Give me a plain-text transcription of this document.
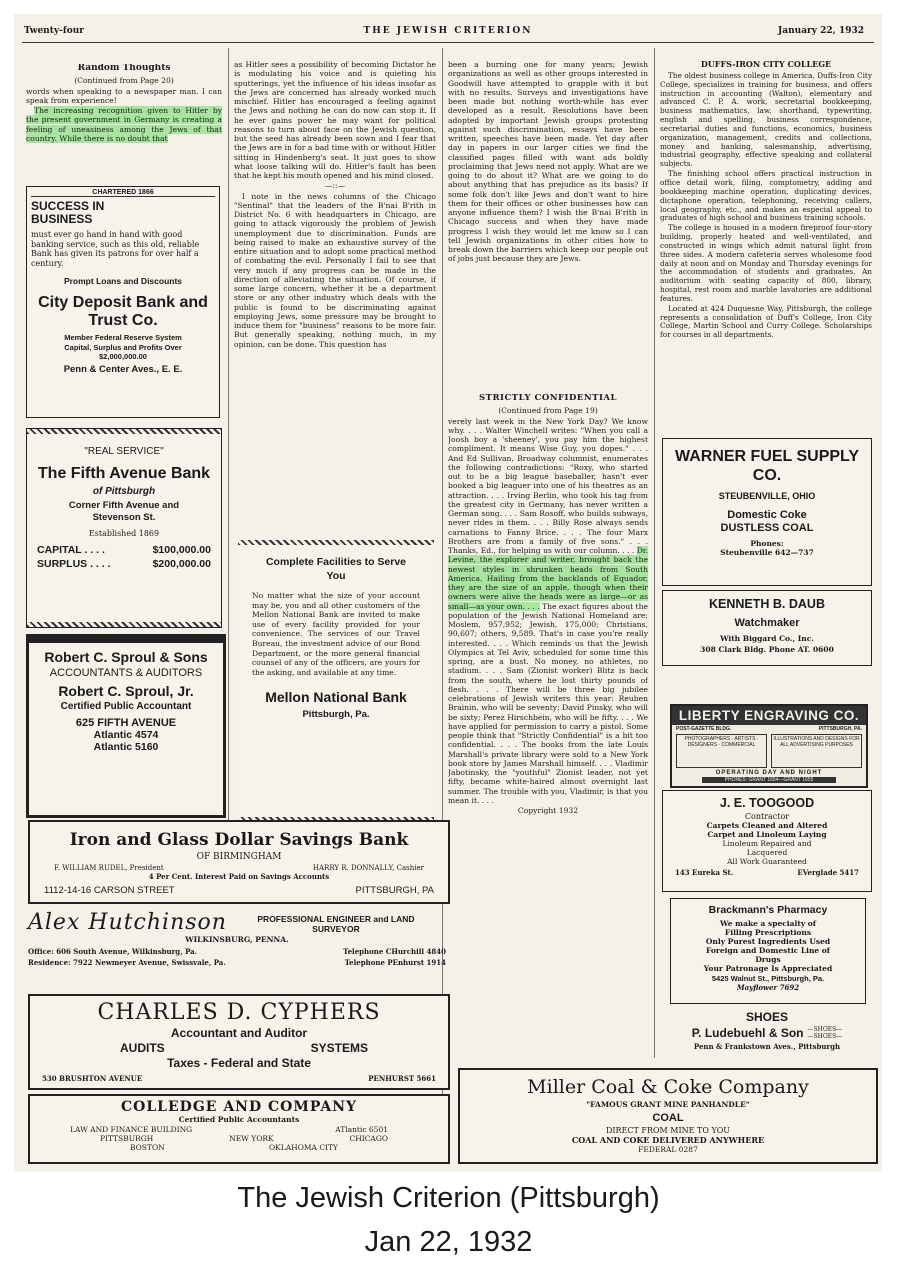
Twenty-four	THE JEWISH CRITERION	January 22, 1932
Random Thoughts

(Continued from Page 20)

words when speaking to a newspaper man. I can speak from experience!

The increasing recognition given to Hitler by the present government in Germany is creating a feeling of uneasiness among the Jews of that country. While there is no doubt that

CHARTERED 1866
SUCCESS IN BUSINESS
must ever go hand in hand with good banking service, such as this old, reliable Bank has given its patrons for over half a century.
Prompt Loans and Discounts
City Deposit Bank and Trust Co.
Member Federal Reserve System
Capital, Surplus and Profits Over $2,000,000.00
Penn & Center Aves., E. E.
"REAL SERVICE"
The Fifth Avenue Bank
of Pittsburgh
Corner Fifth Avenue and Stevenson St.
Established 1869
CAPITAL . . . .	$100,000.00
SURPLUS . . . .	$200,000.00
Robert C. Sproul & Sons
ACCOUNTANTS & AUDITORS
Robert C. Sproul, Jr.
Certified Public Accountant
625 FIFTH AVENUE
Atlantic 4574
Atlantic 5160

as Hitler sees a possibility of becoming Dictator he is modulating his voice and is quieting his sputterings, yet the influence of his ideas insofar as the Jews are concerned has already worked much mischief. Hitler has encouraged a feeling against the Jews and nothing he can do now can stop it. If he ever gains power he may want for political reasons to turn about face on the Jewish question, but the seed has already been sown and I fear that the Jews are in for a bad time with or without Hitler sitting in Hindenberg's seat. It just goes to show what loose talking will do. Hitler's fault has been that he kept his mouth opened and his mind closed.

—::—

I note in the news columns of the Chicago "Sentinal" that the leaders of the B'nai B'rith in District No. 6 with headquarters in Chicago, are going to attack vigorously the problem of Jewish unemployment due to discrimination. Funds are being raised to make an exhaustive survey of the entire situation and to adopt some practical method of combating the evil. Personally I fail to see that very much if any progress can be made in the direction of alleviating the situation. Of course, if some large concern, whether it be a department store or any other industry which deals with the public is found to be discriminating against employing Jews, some pressure may be brought to induce them for "business" reasons to be more fair. But generally speaking, nothing much, in my opinion, can be done. This question has

Complete Facilities to Serve You
No matter what the size of your account may be, you and all other customers of the Mellon National Bank are invited to make use of every facility provided for your convenience. The services of our Travel Bureau, the investment advice of our Bond Department, or the more general financial counsel of any of the officers, are yours for the asking, and available at any time.
Mellon National Bank
Pittsburgh, Pa.

been a burning one for many years; Jewish organizations as well as other groups interested in Goodwill have attempted to grapple with it but with no results. Surveys and investigations have been made but nothing worth-while has ever developed as a result. Resolutions have been adopted by important Jewish groups protesting against such discrimination, essays have been written, speeches have been made. Yet day after day in papers in our larger cities we find the classified pages filled with want ads boldly proclaiming that Jews need not apply. What are we going to do about it? What are we going to do about anything that has prejudice as its basis? If some folk don't like Jews and don't want to hire them for their offices or other businesses how can anyone influence them? I wish the B'nai B'rith in Chicago success and when they have made progress I wish they would let me know so I can tell Jewish organizations in other cities how to break down the barriers which keep our people out of jobs just because they are Jews.

STRICTLY CONFIDENTIAL

(Continued from Page 19)

verely last week in the New York Day? We know why. . . . Walter Winchell writes: "When you call a Joosh boy a 'sheeney', you pay him the highest compliment. It means Wise Guy, you dopes." . . . And Ed Sullivan, Broadway columnist, enumerates the following contradictions: "Roxy, who started out to be a big league baseballer, hasn't ever booked a big leaguer into one of his theatres as an attraction. . . . Irving Berlin, who took his tag from the greatest city in Germany, has never written a German song. . . . Sam Rosoff, who builds subways, never rides in them. . . . Billy Rose always sends carnations to Fanny Brice. . . . The four Marx Brothers are from a family of five sons." . . . Thanks, Ed., for helping us with our column. . . . Dr. Levine, the explorer and writer, brought back the newest styles in shrunken heads from South America. Hailing from the backlands of Equador, they are the size of an apple, though when their owners were alive the heads were as large—or as small—as your own. . . . The exact figures about the population of the Jewish National Homeland are: Moslem, 957,952; Jewish, 175,000; Christians, 90,607; others, 9,589. That's in case you're really interested. . . . Which reminds us that the Jewish Olympics at Tel Aviv, scheduled for some time this spring, are a bust. No money, no athletes, no stadium. . . . Sam (Zionist worker) Blitz is back from the south, where he lost thirty pounds of flesh. . . . There will be three big jubilee celebrations of Jewish writers this year: Reuben Brainin, who will be seventy; David Pinsky, who will be sixty; Perez Hirschbein, who will be fifty. . . . We have applied for permission to carry a pistol. Some people think that "Strictly Confidential" is a bit too confidential. . . . The books from the late Louis Marshall's private library were sold to a New York book store by James Marshall himself. . . . Vladimir Jabotinsky, the "youthful" Zionist leader, not yet fifty, became white-haired almost overnight last summer. The trouble with you, Vladimir, is that you mean it. . . .

Copyright 1932

DUFFS-IRON CITY COLLEGE

The oldest business college in America, Duffs-Iron City College, specializes in training for business, and offers instruction in accounting (Walton), elementary and advanced C. P. A. work, secretarial bookkeeping, business mathematics, law, shorthand, typewriting, english and spelling, business correspondence, secretarial duties and functions, economics, business organization, management, credits and collections, money and banking, salesmanship, advertising, industrial geography, effective speaking and collateral subjects.

The finishing school offers practical instruction in office detail work, filing, comptometry, adding and bookkeeping machine operation, duplicating devices, dictaphone operation, telephoning, receiving callers, local geography, etc., and makes an especial appeal to graduates of high school and business training schools.

The college is housed in a modern fireproof four-story building, properly heated and well-ventilated, and constructed in wings which admit natural light from three sides. A modern cafeteria serves wholesome food daily at noon and on Monday and Thursday evenings for the accommodation of students and graduates. An auditorium with seating capacity of 800, library, hospital, rest room and marble lavatories are additional features.

Located at 424 Duquesne Way, Pittsburgh, the college represents a consolidation of Duff's College, Iron City College, Martin School and Curry College. Scholarships for courses in all departments.

WARNER FUEL SUPPLY CO.
STEUBENVILLE, OHIO
Domestic Coke
DUSTLESS COAL
Phones:
Steubenville 642—737
KENNETH B. DAUB
Watchmaker
With Biggard Co., Inc.
308 Clark Bldg. Phone AT. 0600
LIBERTY ENGRAVING CO.
POST-GAZETTE BLDG.	PITTSBURGH, PA.
PHOTOGRAPHERS · ARTISTS · DESIGNERS · COMMERCIAL
ILLUSTRATIONS AND DESIGNS FOR ALL ADVERTISING PURPOSES
OPERATING DAY AND NIGHT
PHONES: GRANT 1654—GRANT 1655
J. E. TOOGOOD
Contractor
Carpets Cleaned and Altered
Carpet and Linoleum Laying
Linoleum Repaired and Lacquered
All Work Guaranteed
143 Eureka St.	EVerglade 5417
Brackmann's Pharmacy
We make a specialty of Filling Prescriptions
Only Purest Ingredients Used
Foreign and Domestic Line of Drugs
Your Patronage Is Appreciated
5425 Walnut St., Pittsburgh, Pa.
Mayflower 7692
SHOES
P. Ludebuehl & Son —SHOES—
—SHOES—
Penn & Frankstown Aves., Pittsburgh
Iron and Glass Dollar Savings Bank
OF BIRMINGHAM
F. WILLIAM RUDEL, President	HARRY R. DONNALLY, Cashier
4 Per Cent. Interest Paid on Savings Accounts
1112-14-16 CARSON STREET	PITTSBURGH, PA
Alex Hutchinson	PROFESSIONAL ENGINEER and LAND SURVEYOR
WILKINSBURG, PENNA.
Office: 606 South Avenue, Wilkinsburg, Pa.	Telephone CHurchill 4840
Residence: 7922 Newmeyer Avenue, Swissvale, Pa.	Telephone PEnhurst 1914
CHARLES D. CYPHERS
Accountant and Auditor
AUDITS	SYSTEMS
Taxes - Federal and State
530 BRUSHTON AVENUE	PENHURST 5661
COLLEDGE AND COMPANY
Certified Public Accountants
LAW AND FINANCE BUILDING	ATlantic 6501
PITTSBURGH	NEW YORK	CHICAGO
BOSTON	OKLAHOMA CITY
Miller Coal & Coke Company
"FAMOUS GRANT MINE PANHANDLE"
COAL
DIRECT FROM MINE TO YOU
COAL AND COKE DELIVERED ANYWHERE
FEDERAL 0287
The Jewish Criterion (Pittsburgh)
Jan 22, 1932
